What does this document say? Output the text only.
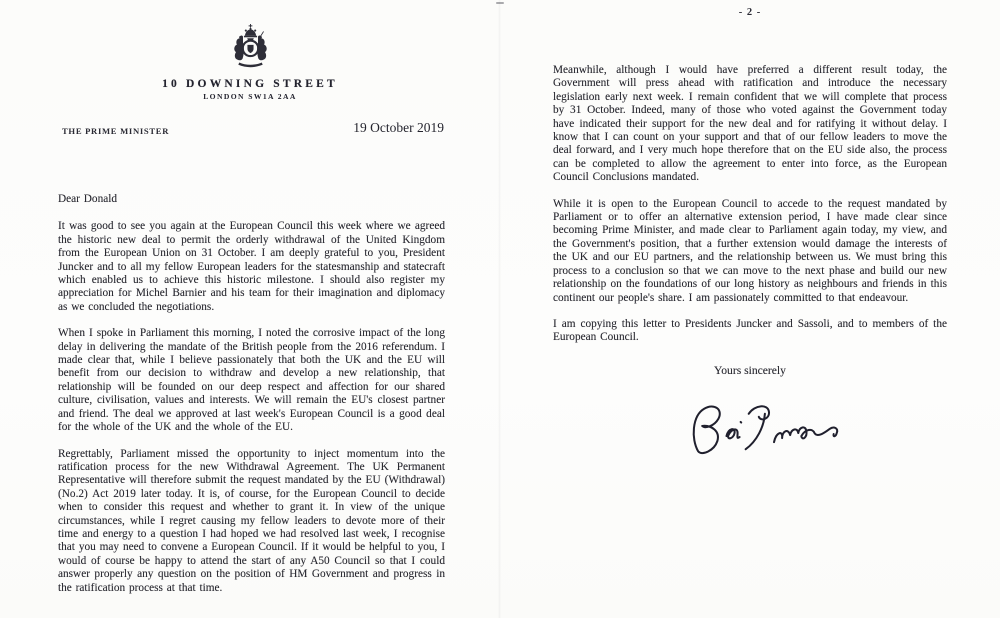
10 DOWNING STREET
LONDON SW1A 2AA
THE PRIME MINISTER	19 October 2019

Dear Donald

It was good to see you again at the European Council this week where we agreed the historic new deal to permit the orderly withdrawal of the United Kingdom from the European Union on 31 October. I am deeply grateful to you, President Juncker and to all my fellow European leaders for the statesmanship and statecraft which enabled us to achieve this historic milestone. I should also register my appreciation for Michel Barnier and his team for their imagination and diplomacy as we concluded the negotiations.

When I spoke in Parliament this morning, I noted the corrosive impact of the long delay in delivering the mandate of the British people from the 2016 referendum. I made clear that, while I believe passionately that both the UK and the EU will benefit from our decision to withdraw and develop a new relationship, that relationship will be founded on our deep respect and affection for our shared culture, civilisation, values and interests. We will remain the EU's closest partner and friend. The deal we approved at last week's European Council is a good deal for the whole of the UK and the whole of the EU.

Regrettably, Parliament missed the opportunity to inject momentum into the ratification process for the new Withdrawal Agreement. The UK Permanent Representative will therefore submit the request mandated by the EU (Withdrawal) (No.2) Act 2019 later today. It is, of course, for the European Council to decide when to consider this request and whether to grant it. In view of the unique circumstances, while I regret causing my fellow leaders to devote more of their time and energy to a question I had hoped we had resolved last week, I recognise that you may need to convene a European Council. If it would be helpful to you, I would of course be happy to attend the start of any A50 Council so that I could answer properly any question on the position of HM Government and progress in the ratification process at that time.

- 2 -

Meanwhile, although I would have preferred a different result today, the Government will press ahead with ratification and introduce the necessary legislation early next week. I remain confident that we will complete that process by 31 October. Indeed, many of those who voted against the Government today have indicated their support for the new deal and for ratifying it without delay. I know that I can count on your support and that of our fellow leaders to move the deal forward, and I very much hope therefore that on the EU side also, the process can be completed to allow the agreement to enter into force, as the European Council Conclusions mandated.

While it is open to the European Council to accede to the request mandated by Parliament or to offer an alternative extension period, I have made clear since becoming Prime Minister, and made clear to Parliament again today, my view, and the Government's position, that a further extension would damage the interests of the UK and our EU partners, and the relationship between us. We must bring this process to a conclusion so that we can move to the next phase and build our new relationship on the foundations of our long history as neighbours and friends in this continent our people's share. I am passionately committed to that endeavour.

I am copying this letter to Presidents Juncker and Sassoli, and to members of the European Council.

Yours sincerely
